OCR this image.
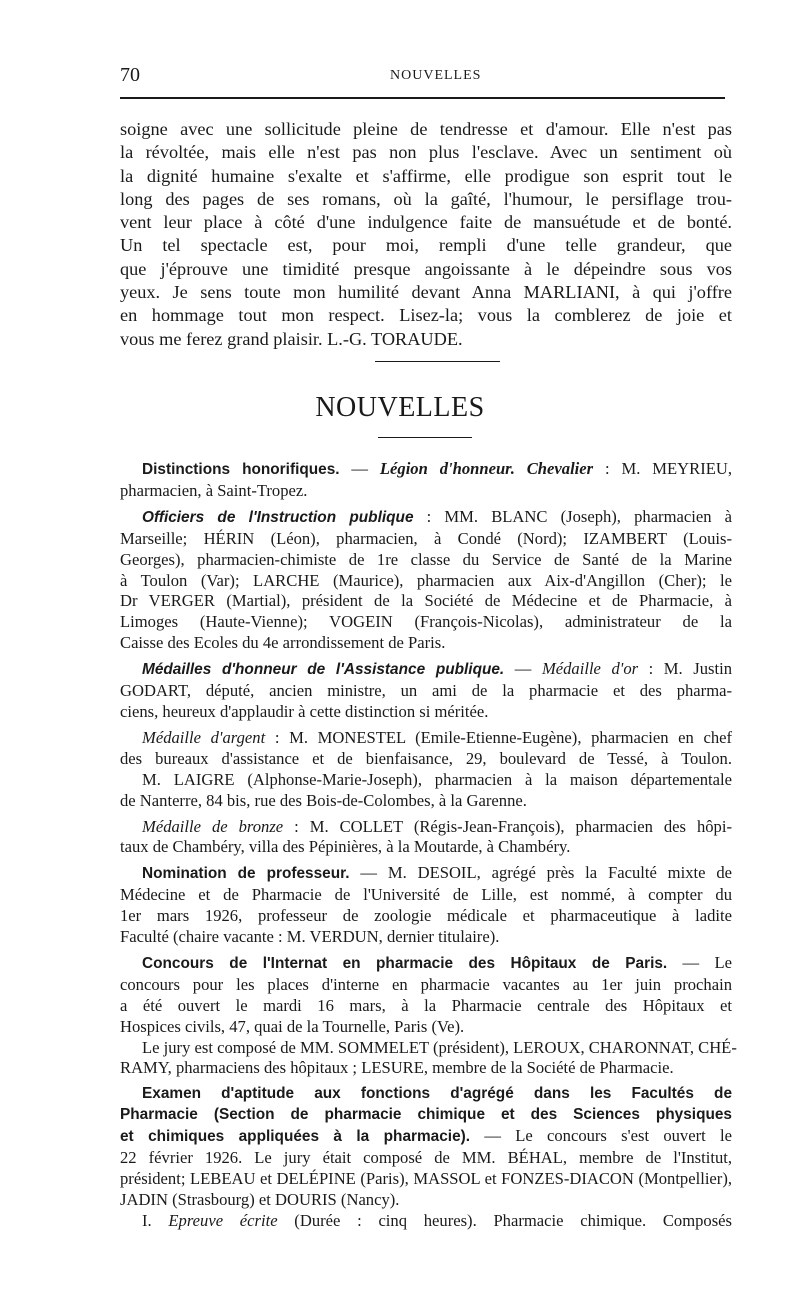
70	NOUVELLES
soigne avec une sollicitude pleine de tendresse et d'amour. Elle n'est pas
la révoltée, mais elle n'est pas non plus l'esclave. Avec un sentiment où
la dignité humaine s'exalte et s'affirme, elle prodigue son esprit tout le
long des pages de ses romans, où la gaîté, l'humour, le persiflage trou-
vent leur place à côté d'une indulgence faite de mansuétude et de bonté.
Un tel spectacle est, pour moi, rempli d'une telle grandeur, que
que j'éprouve une timidité presque angoissante à le dépeindre sous vos
yeux. Je sens toute mon humilité devant Anna MARLIANI, à qui j'offre
en hommage tout mon respect. Lisez-la; vous la comblerez de joie et
vous me ferez grand plaisir. L.-G. TORAUDE.
NOUVELLES

Distinctions honorifiques. — Légion d'honneur. Chevalier : M. MEYRIEU,
pharmacien, à Saint-Tropez.

Officiers de l'Instruction publique : MM. BLANC (Joseph), pharmacien à
Marseille; HÉRIN (Léon), pharmacien, à Condé (Nord); IZAMBERT (Louis-
Georges), pharmacien-chimiste de 1re classe du Service de Santé de la Marine
à Toulon (Var); LARCHE (Maurice), pharmacien aux Aix-d'Angillon (Cher); le
Dr VERGER (Martial), président de la Société de Médecine et de Pharmacie, à
Limoges (Haute-Vienne); VOGEIN (François-Nicolas), administrateur de la
Caisse des Ecoles du 4e arrondissement de Paris.

Médailles d'honneur de l'Assistance publique. — Médaille d'or : M. Justin
GODART, député, ancien ministre, un ami de la pharmacie et des pharma-
ciens, heureux d'applaudir à cette distinction si méritée.

Médaille d'argent : M. MONESTEL (Emile-Etienne-Eugène), pharmacien en chef
des bureaux d'assistance et de bienfaisance, 29, boulevard de Tessé, à Toulon.
M. LAIGRE (Alphonse-Marie-Joseph), pharmacien à la maison départementale
de Nanterre, 84 bis, rue des Bois-de-Colombes, à la Garenne.

Médaille de bronze : M. COLLET (Régis-Jean-François), pharmacien des hôpi-
taux de Chambéry, villa des Pépinières, à la Moutarde, à Chambéry.

Nomination de professeur. — M. DESOIL, agrégé près la Faculté mixte de
Médecine et de Pharmacie de l'Université de Lille, est nommé, à compter du
1er mars 1926, professeur de zoologie médicale et pharmaceutique à ladite
Faculté (chaire vacante : M. VERDUN, dernier titulaire).

Concours de l'Internat en pharmacie des Hôpitaux de Paris. — Le
concours pour les places d'interne en pharmacie vacantes au 1er juin prochain
a été ouvert le mardi 16 mars, à la Pharmacie centrale des Hôpitaux et
Hospices civils, 47, quai de la Tournelle, Paris (Ve).
Le jury est composé de MM. SOMMELET (président), LEROUX, CHARONNAT, CHÉ-
RAMY, pharmaciens des hôpitaux ; LESURE, membre de la Société de Pharmacie.

Examen d'aptitude aux fonctions d'agrégé dans les Facultés de
Pharmacie (Section de pharmacie chimique et des Sciences physiques
et chimiques appliquées à la pharmacie). — Le concours s'est ouvert le
22 février 1926. Le jury était composé de MM. BÉHAL, membre de l'Institut,
président; LEBEAU et DELÉPINE (Paris), MASSOL et FONZES-DIACON (Montpellier),
JADIN (Strasbourg) et DOURIS (Nancy).
I. Epreuve écrite (Durée : cinq heures). Pharmacie chimique. Composés
